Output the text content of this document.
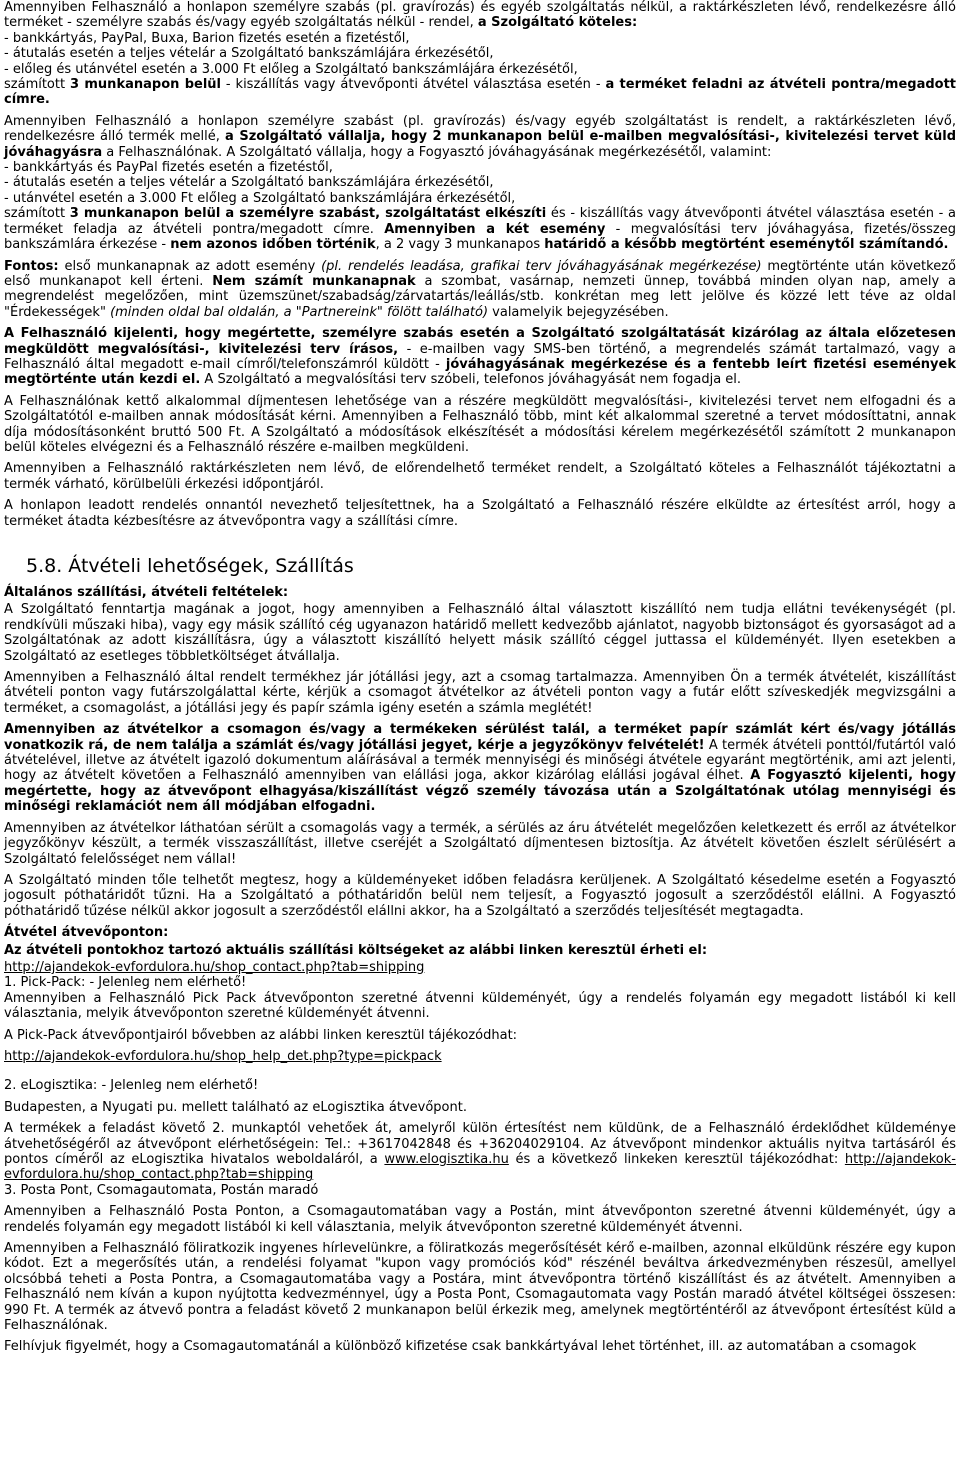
Amennyiben Felhasználó a honlapon személyre szabás (pl. gravírozás) és egyéb szolgáltatás nélkül, a raktárkészleten lévő, rendelkezésre álló terméket - személyre szabás és/vagy egyéb szolgáltatás nélkül - rendel, a Szolgáltató köteles:
- bankkártyás, PayPal, Buxa, Barion fizetés esetén a fizetéstől,
- átutalás esetén a teljes vételár a Szolgáltató bankszámlájára érkezésétől,
- előleg és utánvétel esetén a 3.000 Ft előleg a Szolgáltató bankszámlájára érkezésétől,
számított 3 munkanapon belül - kiszállítás vagy átvevőponti átvétel választása esetén - a terméket feladni az átvételi pontra/megadott címre.

Amennyiben Felhasználó a honlapon személyre szabást (pl. gravírozás) és/vagy egyéb szolgáltatást is rendelt, a raktárkészleten lévő, rendelkezésre álló termék mellé, a Szolgáltató vállalja, hogy 2 munkanapon belül e-mailben megvalósítási-, kivitelezési tervet küld jóváhagyásra a Felhasználónak. A Szolgáltató vállalja, hogy a Fogyasztó jóváhagyásának megérkezésétől, valamint:
- bankkártyás és PayPal fizetés esetén a fizetéstől,
- átutalás esetén a teljes vételár a Szolgáltató bankszámlájára érkezésétől,
- utánvétel esetén a 3.000 Ft előleg a Szolgáltató bankszámlájára érkezésétől,
számított 3 munkanapon belül a személyre szabást, szolgáltatást elkészíti és - kiszállítás vagy átvevőponti átvétel választása esetén - a terméket feladja az átvételi pontra/megadott címre. Amennyiben a két esemény - megvalósítási terv jóváhagyása, fizetés/összeg bankszámlára érkezése - nem azonos időben történik, a 2 vagy 3 munkanapos határidő a később megtörtént eseménytől számítandó.

Fontos: első munkanapnak az adott esemény (pl. rendelés leadása, grafikai terv jóváhagyásának megérkezése) megtörténte után következő első munkanapot kell érteni. Nem számít munkanapnak a szombat, vasárnap, nemzeti ünnep, továbbá minden olyan nap, amely a megrendelést megelőzően, mint üzemszünet/szabadság/zárvatartás/leállás/stb. konkrétan meg lett jelölve és közzé lett téve az oldal "Érdekességek" (minden oldal bal oldalán, a "Partnereink" fölött található) valamelyik bejegyzésében.

A Felhasználó kijelenti, hogy megértette, személyre szabás esetén a Szolgáltató szolgáltatását kizárólag az általa előzetesen megküldött megvalósítási-, kivitelezési terv írásos, - e-mailben vagy SMS-ben történő, a megrendelés számát tartalmazó, vagy a Felhasználó által megadott e-mail címről/telefonszámról küldött - jóváhagyásának megérkezése és a fentebb leírt fizetési események megtörténte után kezdi el. A Szolgáltató a megvalósítási terv szóbeli, telefonos jóváhagyását nem fogadja el.

A Felhasználónak kettő alkalommal díjmentesen lehetősége van a részére megküldött megvalósítási-, kivitelezési tervet nem elfogadni és a Szolgáltatótól e-mailben annak módosítását kérni. Amennyiben a Felhasználó több, mint két alkalommal szeretné a tervet módosíttatni, annak díja módosításonként bruttó 500 Ft. A Szolgáltató a módosítások elkészítését a módosítási kérelem megérkezésétől számított 2 munkanapon belül köteles elvégezni és a Felhasználó részére e-mailben megküldeni.

Amennyiben a Felhasználó raktárkészleten nem lévő, de előrendelhető terméket rendelt, a Szolgáltató köteles a Felhasználót tájékoztatni a termék várható, körülbelüli érkezési időpontjáról.

A honlapon leadott rendelés onnantól nevezhető teljesítettnek, ha a Szolgáltató a Felhasználó részére elküldte az értesítést arról, hogy a terméket átadta kézbesítésre az átvevőpontra vagy a szállítási címre.

5.8. Átvételi lehetőségek, Szállítás
Általános szállítási, átvételi feltételek:

A Szolgáltató fenntartja magának a jogot, hogy amennyiben a Felhasználó által választott kiszállító nem tudja ellátni tevékenységét (pl. rendkívüli műszaki hiba), vagy egy másik szállító cég ugyanazon határidő mellett kedvezőbb ajánlatot, nagyobb biztonságot és gyorsaságot ad a Szolgáltatónak az adott kiszállításra, úgy a választott kiszállító helyett másik szállító céggel juttassa el küldeményét. Ilyen esetekben a Szolgáltató az esetleges többletköltséget átvállalja.

Amennyiben a Felhasználó által rendelt termékhez jár jótállási jegy, azt a csomag tartalmazza. Amennyiben Ön a termék átvételét, kiszállítást átvételi ponton vagy futárszolgálattal kérte, kérjük a csomagot átvételkor az átvételi ponton vagy a futár előtt szíveskedjék megvizsgálni a terméket, a csomagolást, a jótállási jegy és papír számla igény esetén a számla meglétét!

Amennyiben az átvételkor a csomagon és/vagy a termékeken sérülést talál, a terméket papír számlát kért és/vagy jótállás vonatkozik rá, de nem találja a számlát és/vagy jótállási jegyet, kérje a jegyzőkönyv felvételét! A termék átvételi ponttól/futártól való átvételével, illetve az átvételt igazoló dokumentum aláírásával a termék mennyiségi és minőségi átvétele egyaránt megtörténik, ami azt jelenti, hogy az átvételt követően a Felhasználó amennyiben van elállási joga, akkor kizárólag elállási jogával élhet. A Fogyasztó kijelenti, hogy megértette, hogy az átvevőpont elhagyása/kiszállítást végző személy távozása után a Szolgáltatónak utólag mennyiségi és minőségi reklamációt nem áll módjában elfogadni.

Amennyiben az átvételkor láthatóan sérült a csomagolás vagy a termék, a sérülés az áru átvételét megelőzően keletkezett és erről az átvételkor jegyzőkönyv készült, a termék visszaszállítást, illetve cseréjét a Szolgáltató díjmentesen biztosítja. Az átvételt követően észlelt sérülésért a Szolgáltató felelősséget nem vállal!

A Szolgáltató minden tőle telhetőt megtesz, hogy a küldeményeket időben feladásra kerüljenek. A Szolgáltató késedelme esetén a Fogyasztó jogosult póthatáridőt tűzni. Ha a Szolgáltató a póthatáridőn belül nem teljesít, a Fogyasztó jogosult a szerződéstől elállni. A Fogyasztó póthatáridő tűzése nélkül akkor jogosult a szerződéstől elállni akkor, ha a Szolgáltató a szerződés teljesítését megtagadta.

Átvétel átvevőponton:
Az átvételi pontokhoz tartozó aktuális szállítási költségeket az alábbi linken keresztül érheti el:

http://ajandekok-evfordulora.hu/shop_contact.php?tab=shipping

1. Pick-Pack: - Jelenleg nem elérhető!

Amennyiben a Felhasználó Pick Pack átvevőponton szeretné átvenni küldeményét, úgy a rendelés folyamán egy megadott listából ki kell választania, melyik átvevőponton szeretné küldeményét átvenni.

A Pick-Pack átvevőpontjairól bővebben az alábbi linken keresztül tájékozódhat:

http://ajandekok-evfordulora.hu/shop_help_det.php?type=pickpack

2. eLogisztika: - Jelenleg nem elérhető!

Budapesten, a Nyugati pu. mellett található az eLogisztika átvevőpont.

A termékek a feladást követő 2. munkaptól vehetőek át, amelyről külön értesítést nem küldünk, de a Felhasználó érdeklődhet küldeménye átvehetőségéről az átvevőpont elérhetőségein: Tel.: +3617042848 és +36204029104. Az átvevőpont mindenkor aktuális nyitva tartásáról és pontos címéről az eLogisztika hivatalos weboldaláról, a www.elogisztika.hu és a következő linkeken keresztül tájékozódhat: http://ajandekok-evfordulora.hu/shop_contact.php?tab=shipping

3. Posta Pont, Csomagautomata, Postán maradó

Amennyiben a Felhasználó Posta Ponton, a Csomagautomatában vagy a Postán, mint átvevőponton szeretné átvenni küldeményét, úgy a rendelés folyamán egy megadott listából ki kell választania, melyik átvevőponton szeretné küldeményét átvenni.

Amennyiben a Felhasználó föliratkozik ingyenes hírlevelünkre, a föliratkozás megerősítését kérő e-mailben, azonnal elküldünk részére egy kupon kódot. Ezt a megerősítés után, a rendelési folyamat "kupon vagy promóciós kód" részénél beváltva árkedvezményben részesül, amellyel olcsóbbá teheti a Posta Pontra, a Csomagautomatába vagy a Postára, mint átvevőpontra történő kiszállítást és az átvételt. Amennyiben a Felhasználó nem kíván a kupon nyújtotta kedvezménnyel, úgy a Posta Pont, Csomagautomata vagy Postán maradó átvétel költségei összesen: 990 Ft. A termék az átvevő pontra a feladást követő 2 munkanapon belül érkezik meg, amelynek megtörténtéről az átvevőpont értesítést küld a Felhasználónak.

Felhívjuk figyelmét, hogy a Csomagautomatánál a különböző kifizetése csak bankkártyával lehet történhet, ill. az automatában a csomagok
